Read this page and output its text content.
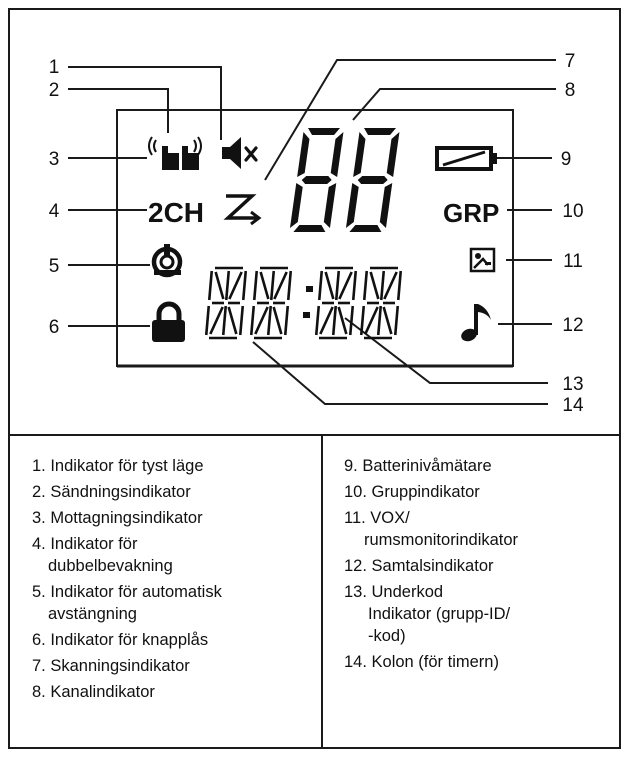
1
2
3
4
5
6
7
8
9
10
11
12
13
14
2CH	GRP
1. Indikator för tyst läge
2. Sändningsindikator
3. Mottagningsindikator
4. Indikator för
dubbelbevakning
5. Indikator för automatisk
avstängning
6. Indikator för knapplås
7. Skanningsindikator
8. Kanalindikator
9. Batterinivåmätare
10. Gruppindikator
11. VOX/
rumsmonitorindikator
12. Samtalsindikator
13. Underkod
Indikator (grupp-ID/
-kod)
14. Kolon (för timern)
